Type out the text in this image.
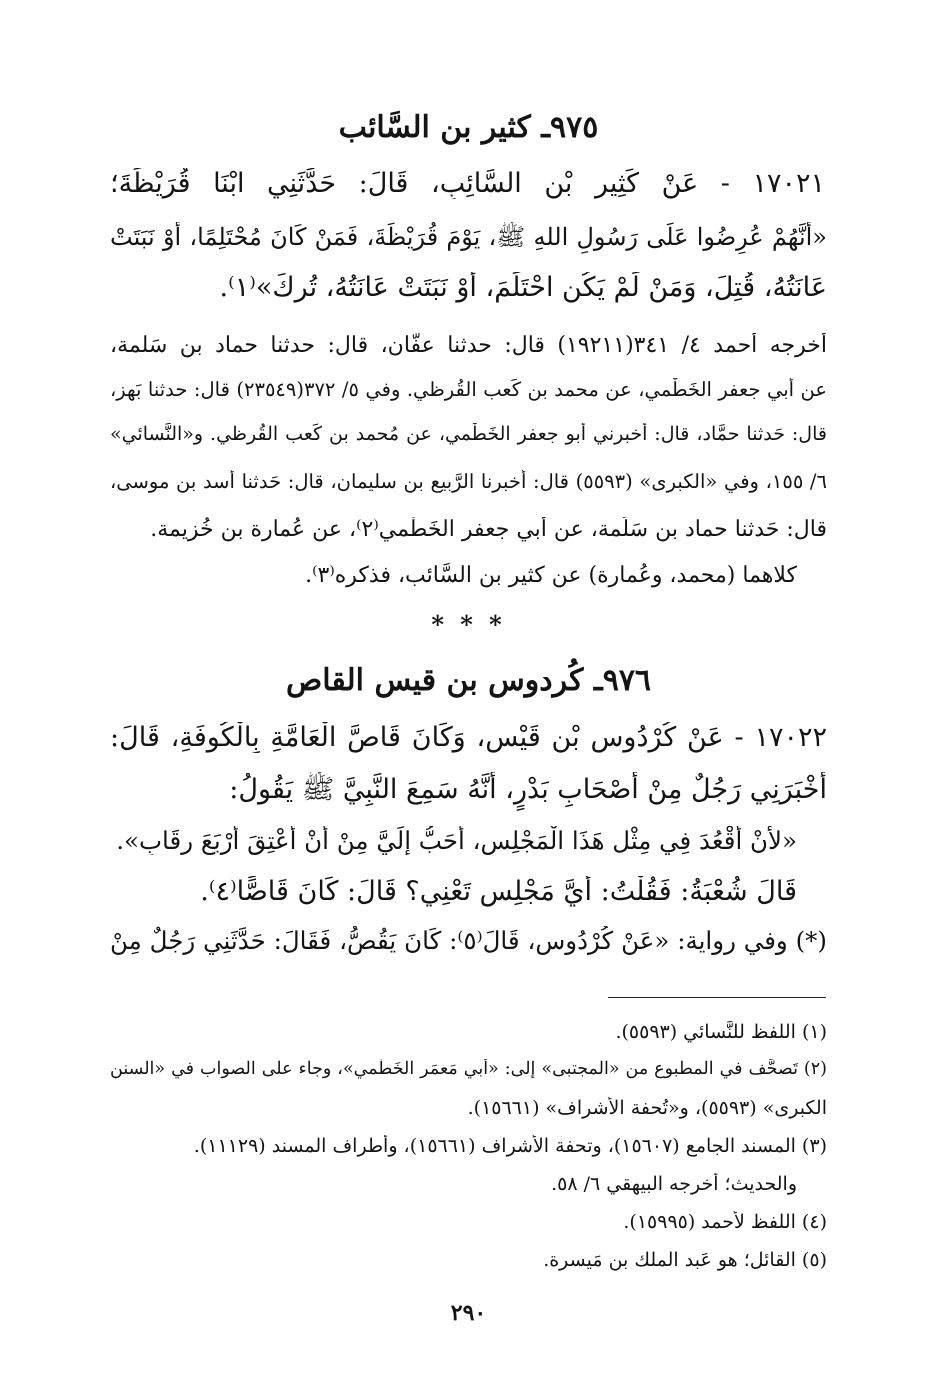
٩٧٥ـ كثير بن السَّائب
١٧٠٢١ - عَنْ كَثِيرِ بْنِ السَّائِبِ، قَالَ: حَدَّثَنِي ابْنَا قُرَيْظَةَ؛
«أَنَّهُمْ عُرِضُوا عَلَى رَسُولِ اللهِ ﷺ، يَوْمَ قُرَيْظَةَ، فَمَنْ كَانَ مُحْتَلِمًا، أَوْ نَبَتَتْ
عَانَتُهُ، قُتِلَ، وَمَنْ لَمْ يَكُنِ احْتَلَمَ، أَوْ نَبَتَتْ عَانَتُهُ، تُرِكَ»⁽١⁾.
أخرجه أحمد ٤/ ٣٤١(١٩٢١١) قال: حدثنا عفَّان، قال: حدثنا حماد بن سَلمة،
عن أَبي جعفر الخَطْمي، عن محمد بن كَعب القُرظي. وفي ٥/ ٣٧٢(٢٣٥٤٩) قال: حدثنا بَهز،
قال: حَدثنا حمَّاد، قال: أَخبرني أَبو جعفر الخَطْمي، عن مُحمد بن كَعب القُرظي. و«النَّسائي»
٦/ ١٥٥، وفي «الكبرى» (٥٥٩٣) قال: أَخبرنا الرَّبيع بن سليمان، قال: حَدثنا أَسد بن موسى،
قال: حَدثنا حماد بن سَلَمة، عن أَبي جعفر الخَطْمي⁽٢⁾، عن عُمارة بن خُزيمة.
كلاهما (محمد، وعُمارة) عن كثير بن السَّائب، فذكره⁽٣⁾.
* * *
٩٧٦ـ كُردوس بن قيس القاص
١٧٠٢٢ - عَنْ كُرْدُوسِ بْنِ قَيْسٍ، وَكَانَ قَاصَّ الْعَامَّةِ بِالْكُوفَةِ، قَالَ:
أَخْبَرَنِي رَجُلٌ مِنْ أَصْحَابِ بَدْرٍ، أَنَّهُ سَمِعَ النَّبِيَّ ﷺ يَقُولُ:
«لأَنْ أَقْعُدَ فِي مِثْلِ هَذَا الْمَجْلِسِ، أَحَبُّ إِلَيَّ مِنْ أَنْ أُعْتِقَ أَرْبَعَ رِقَابٍ».
قَالَ شُعْبَةُ: فَقُلْتُ: أَيَّ مَجْلِسٍ تَعْنِي؟ قَالَ: كَانَ قَاصًّا⁽٤⁾.
(*) وفي رواية: «عَنْ كُرْدُوسٍ، قَالَ⁽٥⁾: كَانَ يَقُصُّ، فَقَالَ: حَدَّثَنِي رَجُلٌ مِنْ
(١) اللفظ للنَّسائي (٥٥٩٣).
(٢) تَصحَّف في المطبوع من «المجتبى» إِلى: «أَبي مَعمَر الخَطْمي»، وجاء على الصواب في «السنن
الكبرى» (٥٥٩٣)، و«تُحفة الأَشراف» (١٥٦٦١).
(٣) المسند الجامع (١٥٦٠٧)، وتحفة الأَشراف (١٥٦٦١)، وأَطراف المسند (١١١٢٩).
والحديث؛ أَخرجه البيهقي ٦/ ٥٨.
(٤) اللفظ لأَحمد (١٥٩٩٥).
(٥) القائل؛ هو عَبد الملك بن مَيسرة.
٢٩٠
